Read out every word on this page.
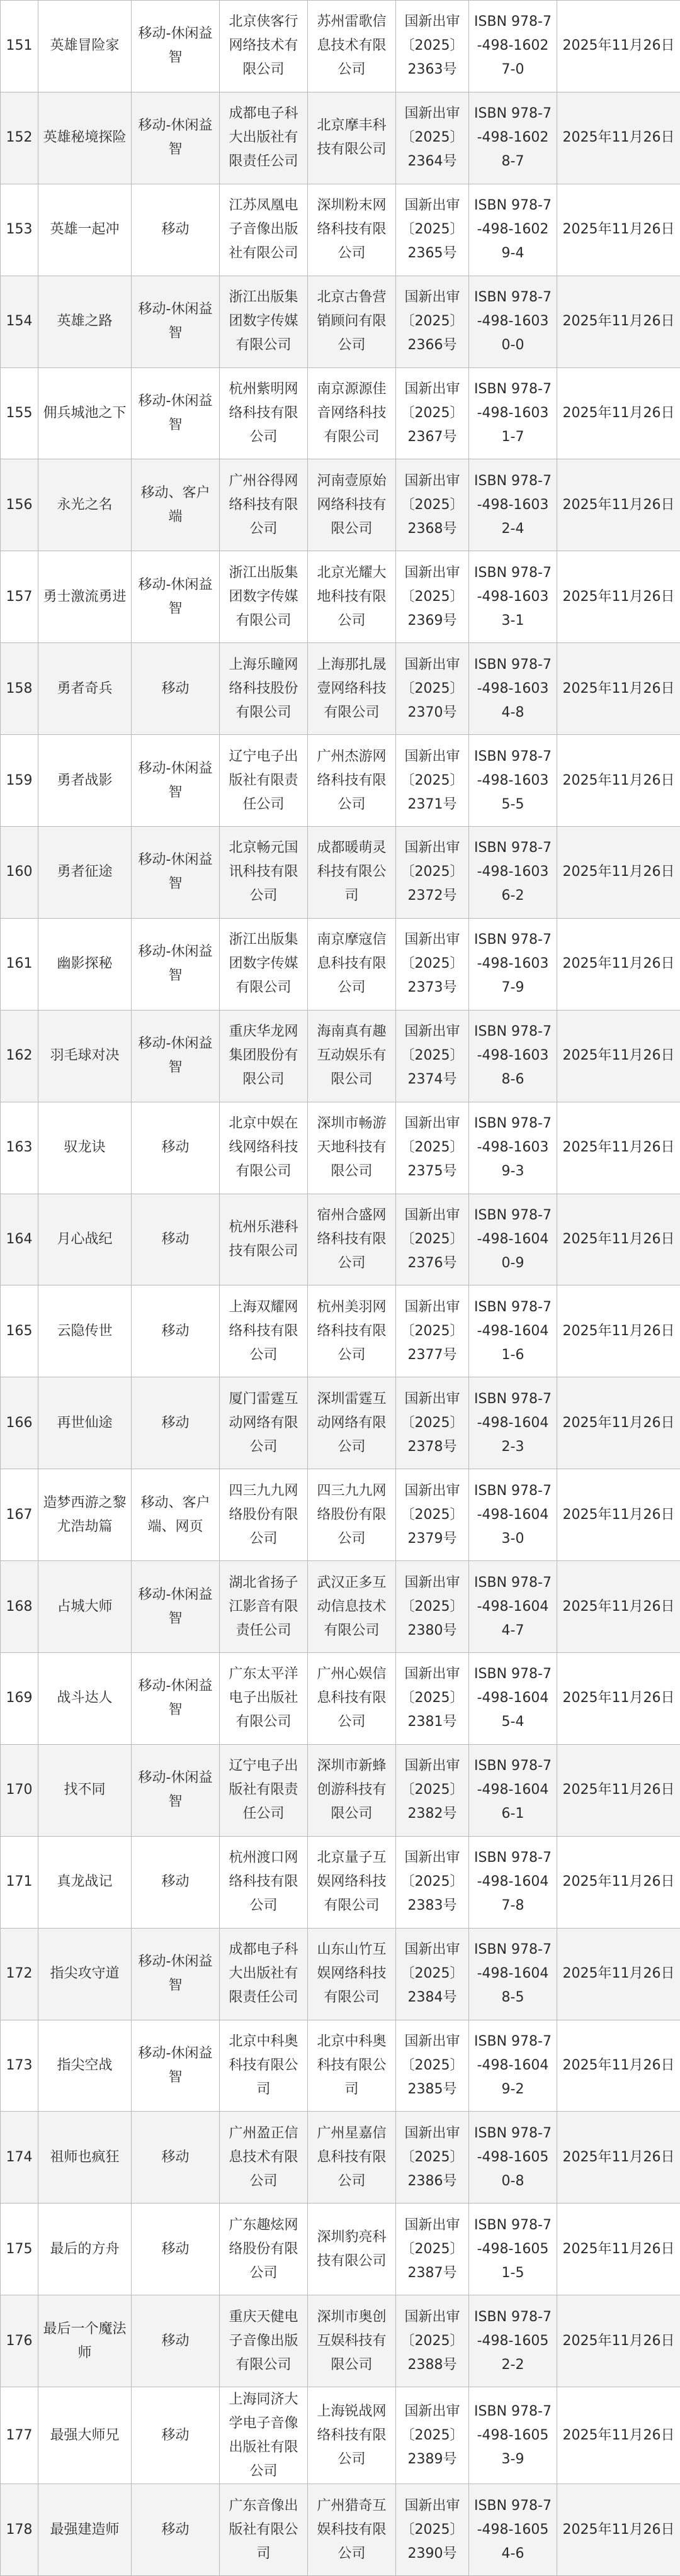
151	英雄冒险家	移动-休闲益智	北京侠客行网络技术有限公司	苏州雷歌信息技术有限公司	国新出审〔2025〕2363号	ISBN 978-7-498-16027-0	2025年11月26日
152	英雄秘境探险	移动-休闲益智	成都电子科大出版社有限责任公司	北京摩丰科技有限公司	国新出审〔2025〕2364号	ISBN 978-7-498-16028-7	2025年11月26日
153	英雄一起冲	移动	江苏凤凰电子音像出版社有限公司	深圳粉末网络科技有限公司	国新出审〔2025〕2365号	ISBN 978-7-498-16029-4	2025年11月26日
154	英雄之路	移动-休闲益智	浙江出版集团数字传媒有限公司	北京古鲁营销顾问有限公司	国新出审〔2025〕2366号	ISBN 978-7-498-16030-0	2025年11月26日
155	佣兵城池之下	移动-休闲益智	杭州紫明网络科技有限公司	南京源源佳音网络科技有限公司	国新出审〔2025〕2367号	ISBN 978-7-498-16031-7	2025年11月26日
156	永光之名	移动、客户端	广州谷得网络科技有限公司	河南壹原始网络科技有限公司	国新出审〔2025〕2368号	ISBN 978-7-498-16032-4	2025年11月26日
157	勇士激流勇进	移动-休闲益智	浙江出版集团数字传媒有限公司	北京光耀大地科技有限公司	国新出审〔2025〕2369号	ISBN 978-7-498-16033-1	2025年11月26日
158	勇者奇兵	移动	上海乐瞳网络科技股份有限公司	上海那扎晟壹网络科技有限公司	国新出审〔2025〕2370号	ISBN 978-7-498-16034-8	2025年11月26日
159	勇者战影	移动-休闲益智	辽宁电子出版社有限责任公司	广州杰游网络科技有限公司	国新出审〔2025〕2371号	ISBN 978-7-498-16035-5	2025年11月26日
160	勇者征途	移动-休闲益智	北京畅元国讯科技有限公司	成都暖萌灵科技有限公司	国新出审〔2025〕2372号	ISBN 978-7-498-16036-2	2025年11月26日
161	幽影探秘	移动-休闲益智	浙江出版集团数字传媒有限公司	南京摩寇信息科技有限公司	国新出审〔2025〕2373号	ISBN 978-7-498-16037-9	2025年11月26日
162	羽毛球对决	移动-休闲益智	重庆华龙网集团股份有限公司	海南真有趣互动娱乐有限公司	国新出审〔2025〕2374号	ISBN 978-7-498-16038-6	2025年11月26日
163	驭龙诀	移动	北京中娱在线网络科技有限公司	深圳市畅游天地科技有限公司	国新出审〔2025〕2375号	ISBN 978-7-498-16039-3	2025年11月26日
164	月心战纪	移动	杭州乐港科技有限公司	宿州合盛网络科技有限公司	国新出审〔2025〕2376号	ISBN 978-7-498-16040-9	2025年11月26日
165	云隐传世	移动	上海双耀网络科技有限公司	杭州美羽网络科技有限公司	国新出审〔2025〕2377号	ISBN 978-7-498-16041-6	2025年11月26日
166	再世仙途	移动	厦门雷霆互动网络有限公司	深圳雷霆互动网络有限公司	国新出审〔2025〕2378号	ISBN 978-7-498-16042-3	2025年11月26日
167	造梦西游之黎尤浩劫篇	移动、客户端、网页	四三九九网络股份有限公司	四三九九网络股份有限公司	国新出审〔2025〕2379号	ISBN 978-7-498-16043-0	2025年11月26日
168	占城大师	移动-休闲益智	湖北省扬子江影音有限责任公司	武汉正多互动信息技术有限公司	国新出审〔2025〕2380号	ISBN 978-7-498-16044-7	2025年11月26日
169	战斗达人	移动-休闲益智	广东太平洋电子出版社有限公司	广州心娱信息科技有限公司	国新出审〔2025〕2381号	ISBN 978-7-498-16045-4	2025年11月26日
170	找不同	移动-休闲益智	辽宁电子出版社有限责任公司	深圳市新蜂创游科技有限公司	国新出审〔2025〕2382号	ISBN 978-7-498-16046-1	2025年11月26日
171	真龙战记	移动	杭州渡口网络科技有限公司	北京量子互娱网络科技有限公司	国新出审〔2025〕2383号	ISBN 978-7-498-16047-8	2025年11月26日
172	指尖攻守道	移动-休闲益智	成都电子科大出版社有限责任公司	山东山竹互娱网络科技有限公司	国新出审〔2025〕2384号	ISBN 978-7-498-16048-5	2025年11月26日
173	指尖空战	移动-休闲益智	北京中科奥科技有限公司	北京中科奥科技有限公司	国新出审〔2025〕2385号	ISBN 978-7-498-16049-2	2025年11月26日
174	祖师也疯狂	移动	广州盈正信息技术有限公司	广州星嘉信息科技有限公司	国新出审〔2025〕2386号	ISBN 978-7-498-16050-8	2025年11月26日
175	最后的方舟	移动	广东趣炫网络股份有限公司	深圳豹亮科技有限公司	国新出审〔2025〕2387号	ISBN 978-7-498-16051-5	2025年11月26日
176	最后一个魔法师	移动	重庆天健电子音像出版有限公司	深圳市奥创互娱科技有限公司	国新出审〔2025〕2388号	ISBN 978-7-498-16052-2	2025年11月26日
177	最强大师兄	移动	上海同济大学电子音像出版社有限公司	上海锐战网络科技有限公司	国新出审〔2025〕2389号	ISBN 978-7-498-16053-9	2025年11月26日
178	最强建造师	移动	广东音像出版社有限公司	广州猎奇互娱科技有限公司	国新出审〔2025〕2390号	ISBN 978-7-498-16054-6	2025年11月26日
